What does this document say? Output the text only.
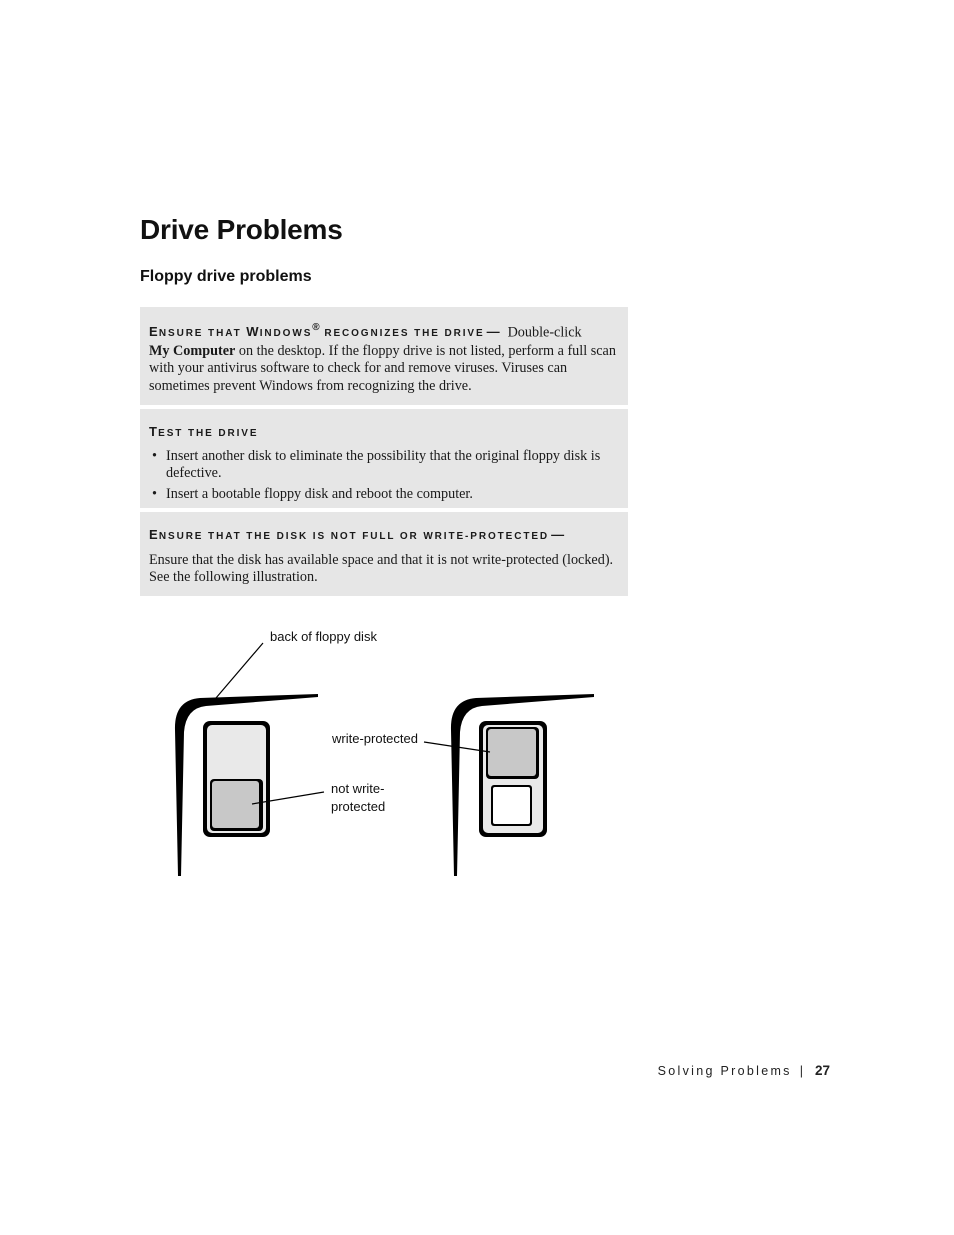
Drive Problems
Floppy drive problems
ENSURE THAT WINDOWS® RECOGNIZES THE DRIVE — Double-click
My Computer on the desktop. If the floppy drive is not listed, perform a full scan with your antivirus software to check for and remove viruses. Viruses can sometimes prevent Windows from recognizing the drive.
TEST THE DRIVE
• Insert another disk to eliminate the possibility that the original floppy disk is defective.
• Insert a bootable floppy disk and reboot the computer.
ENSURE THAT THE DISK IS NOT FULL OR WRITE-PROTECTED —
Ensure that the disk has available space and that it is not write-protected (locked). See the following illustration.
back of floppy disk
write-protected
not write-
protected
Solving Problems | 27
